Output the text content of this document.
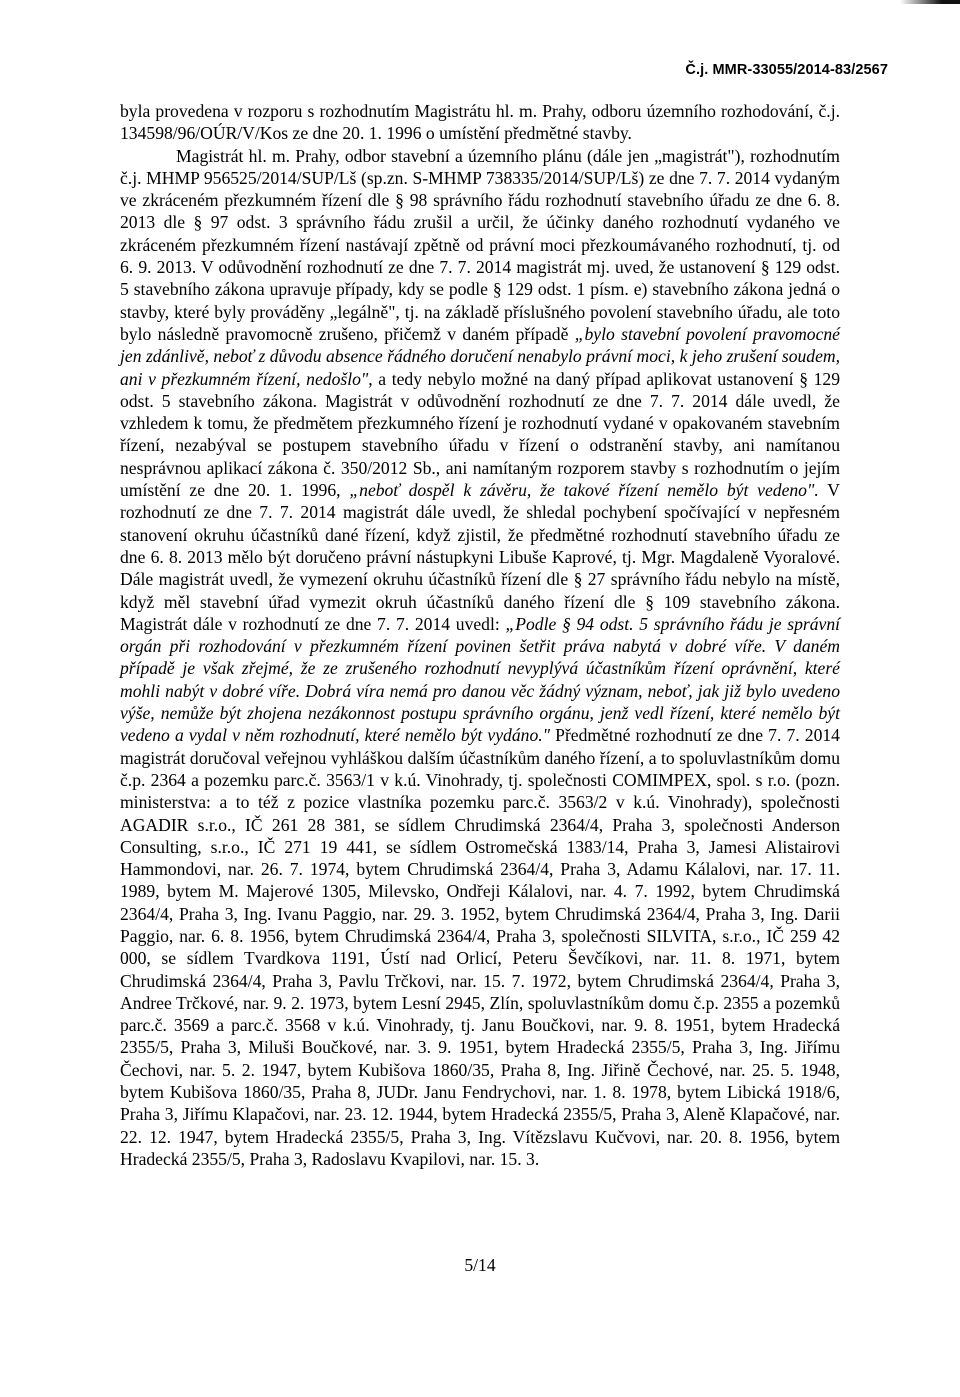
Č.j. MMR-33055/2014-83/2567

byla provedena v rozporu s rozhodnutím Magistrátu hl. m. Prahy, odboru územního rozhodování, č.j. 134598/96/OÚR/V/Kos ze dne 20. 1. 1996 o umístění předmětné stavby.

Magistrát hl. m. Prahy, odbor stavební a územního plánu (dále jen „magistrát"), rozhodnutím č.j. MHMP 956525/2014/SUP/Lš (sp.zn. S-MHMP 738335/2014/SUP/Lš) ze dne 7. 7. 2014 vydaným ve zkráceném přezkumném řízení dle § 98 správního řádu rozhodnutí stavebního úřadu ze dne 6. 8. 2013 dle § 97 odst. 3 správního řádu zrušil a určil, že účinky daného rozhodnutí vydaného ve zkráceném přezkumném řízení nastávají zpětně od právní moci přezkoumávaného rozhodnutí, tj. od 6. 9. 2013. V odůvodnění rozhodnutí ze dne 7. 7. 2014 magistrát mj. uved, že ustanovení § 129 odst. 5 stavebního zákona upravuje případy, kdy se podle § 129 odst. 1 písm. e) stavebního zákona jedná o stavby, které byly prováděny „legálně", tj. na základě příslušného povolení stavebního úřadu, ale toto bylo následně pravomocně zrušeno, přičemž v daném případě „bylo stavební povolení pravomocné jen zdánlivě, neboť z důvodu absence řádného doručení nenabylo právní moci, k jeho zrušení soudem, ani v přezkumném řízení, nedošlo", a tedy nebylo možné na daný případ aplikovat ustanovení § 129 odst. 5 stavebního zákona. Magistrát v odůvodnění rozhodnutí ze dne 7. 7. 2014 dále uvedl, že vzhledem k tomu, že předmětem přezkumného řízení je rozhodnutí vydané v opakovaném stavebním řízení, nezabýval se postupem stavebního úřadu v řízení o odstranění stavby, ani namítanou nesprávnou aplikací zákona č. 350/2012 Sb., ani namítaným rozporem stavby s rozhodnutím o jejím umístění ze dne 20. 1. 1996, „neboť dospěl k závěru, že takové řízení nemělo být vedeno". V rozhodnutí ze dne 7. 7. 2014 magistrát dále uvedl, že shledal pochybení spočívající v nepřesném stanovení okruhu účastníků dané řízení, když zjistil, že předmětné rozhodnutí stavebního úřadu ze dne 6. 8. 2013 mělo být doručeno právní nástupkyni Libuše Kaprové, tj. Mgr. Magdaleně Vyoralové. Dále magistrát uvedl, že vymezení okruhu účastníků řízení dle § 27 správního řádu nebylo na místě, když měl stavební úřad vymezit okruh účastníků daného řízení dle § 109 stavebního zákona. Magistrát dále v rozhodnutí ze dne 7. 7. 2014 uvedl: „Podle § 94 odst. 5 správního řádu je správní orgán při rozhodování v přezkumném řízení povinen šetřit práva nabytá v dobré víře. V daném případě je však zřejmé, že ze zrušeného rozhodnutí nevyplývá účastníkům řízení oprávnění, které mohli nabýt v dobré víře. Dobrá víra nemá pro danou věc žádný význam, neboť, jak již bylo uvedeno výše, nemůže být zhojena nezákonnost postupu správního orgánu, jenž vedl řízení, které nemělo být vedeno a vydal v něm rozhodnutí, které nemělo být vydáno." Předmětné rozhodnutí ze dne 7. 7. 2014 magistrát doručoval veřejnou vyhláškou dalším účastníkům daného řízení, a to spoluvlastníkům domu č.p. 2364 a pozemku parc.č. 3563/1 v k.ú. Vinohrady, tj. společnosti COMIMPEX, spol. s r.o. (pozn. ministerstva: a to též z pozice vlastníka pozemku parc.č. 3563/2 v k.ú. Vinohrady), společnosti AGADIR s.r.o., IČ 261 28 381, se sídlem Chrudimská 2364/4, Praha 3, společnosti Anderson Consulting, s.r.o., IČ 271 19 441, se sídlem Ostromečská 1383/14, Praha 3, Jamesi Alistairovi Hammondovi, nar. 26. 7. 1974, bytem Chrudimská 2364/4, Praha 3, Adamu Kálalovi, nar. 17. 11. 1989, bytem M. Majerové 1305, Milevsko, Ondřeji Kálalovi, nar. 4. 7. 1992, bytem Chrudimská 2364/4, Praha 3, Ing. Ivanu Paggio, nar. 29. 3. 1952, bytem Chrudimská 2364/4, Praha 3, Ing. Darii Paggio, nar. 6. 8. 1956, bytem Chrudimská 2364/4, Praha 3, společnosti SILVITA, s.r.o., IČ 259 42 000, se sídlem Tvardkova 1191, Ústí nad Orlicí, Peteru Ševčíkovi, nar. 11. 8. 1971, bytem Chrudimská 2364/4, Praha 3, Pavlu Trčkovi, nar. 15. 7. 1972, bytem Chrudimská 2364/4, Praha 3, Andree Trčkové, nar. 9. 2. 1973, bytem Lesní 2945, Zlín, spoluvlastníkům domu č.p. 2355 a pozemků parc.č. 3569 a parc.č. 3568 v k.ú. Vinohrady, tj. Janu Boučkovi, nar. 9. 8. 1951, bytem Hradecká 2355/5, Praha 3, Miluši Boučkové, nar. 3. 9. 1951, bytem Hradecká 2355/5, Praha 3, Ing. Jiřímu Čechovi, nar. 5. 2. 1947, bytem Kubišova 1860/35, Praha 8, Ing. Jiřině Čechové, nar. 25. 5. 1948, bytem Kubišova 1860/35, Praha 8, JUDr. Janu Fendrychovi, nar. 1. 8. 1978, bytem Libická 1918/6, Praha 3, Jiřímu Klapačovi, nar. 23. 12. 1944, bytem Hradecká 2355/5, Praha 3, Aleně Klapačové, nar. 22. 12. 1947, bytem Hradecká 2355/5, Praha 3, Ing. Vítězslavu Kučvovi, nar. 20. 8. 1956, bytem Hradecká 2355/5, Praha 3, Radoslavu Kvapilovi, nar. 15. 3.

5/14
